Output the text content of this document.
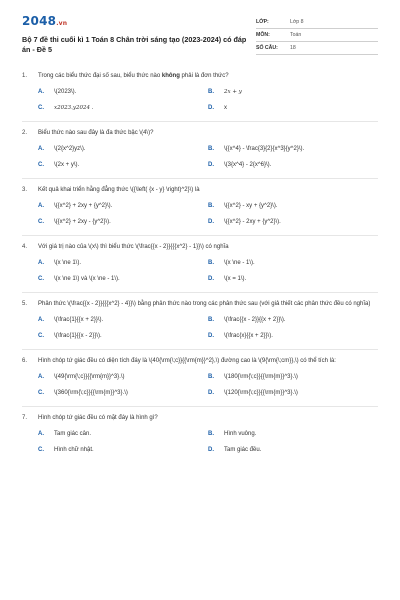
2048.vn
Bộ 7 đề thi cuối kì 1 Toán 8 Chân trời sáng tạo (2023-2024) có đáp án - Đề 5
LỚP:	Lớp 8
MÔN:	Toán
SỐ CÂU:	18
1.	Trong các biểu thức đại số sau, biểu thức nào không phải là đơn thức?
A.	\(2023\).	B.	2x + y
C.	x2023.y2024 .	D.	x
2.	Biểu thức nào sau đây là đa thức bậc \(4\)?
A.	\(2{x^2}yz\).	B.	\({x^4} - \frac{3}{2}{x^3}{y^2}\).
C.	\(2x + y\).	D.	\(3{x^4} - 2{x^6}\).
3.	Kết quả khai triển hằng đẳng thức \({\left( {x - y} \right)^2}\) là
A.	\({x^2} + 2xy + {y^2}\).	B.	\({x^2} - xy + {y^2}\).
C.	\({x^2} + 2xy - {y^2}\).	D.	\({x^2} - 2xy + {y^2}\).
4.	Với giá trị nào của \(x\) thì biểu thức \(\frac{{x - 2}}{{{x^2} - 1}}\) có nghĩa
A.	\(x \ne 1\).	B.	\(x \ne - 1\).
C.	\(x \ne 1\) và \(x \ne - 1\).	D.	\(x = 1\).
5.	Phân thức \(\frac{{x - 2}}{{{x^2} - 4}}\) bằng phân thức nào trong các phân thức sau (với giả thiết các phân thức đều có nghĩa)
A.	\(\frac{1}{{x + 2}}\).	B.	\(\frac{{x - 2}}{{x + 2}}\).
C.	\(\frac{1}{{x - 2}}\).	D.	\(\frac{x}{{x + 2}}\).
6.	Hình chóp tứ giác đều có diện tích đáy là \(40{\rm{\;c}}{{\rm{m}}^2},\) đường cao là \(9{\rm{\;cm}},\) có thể tích là:
A.	\(49{\rm{\;c}}{{\rm{m}}^3}.\)	B.	\(180{\rm{\;c}}{{\rm{m}}^3}.\)
C.	\(360{\rm{\;c}}{{\rm{m}}^3}.\)	D.	\(120{\rm{\;c}}{{\rm{m}}^3}.\)
7.	Hình chóp tứ giác đều có mặt đáy là hình gì?
A.	Tam giác cân.	B.	Hình vuông.
C.	Hình chữ nhật.	D.	Tam giác đều.
